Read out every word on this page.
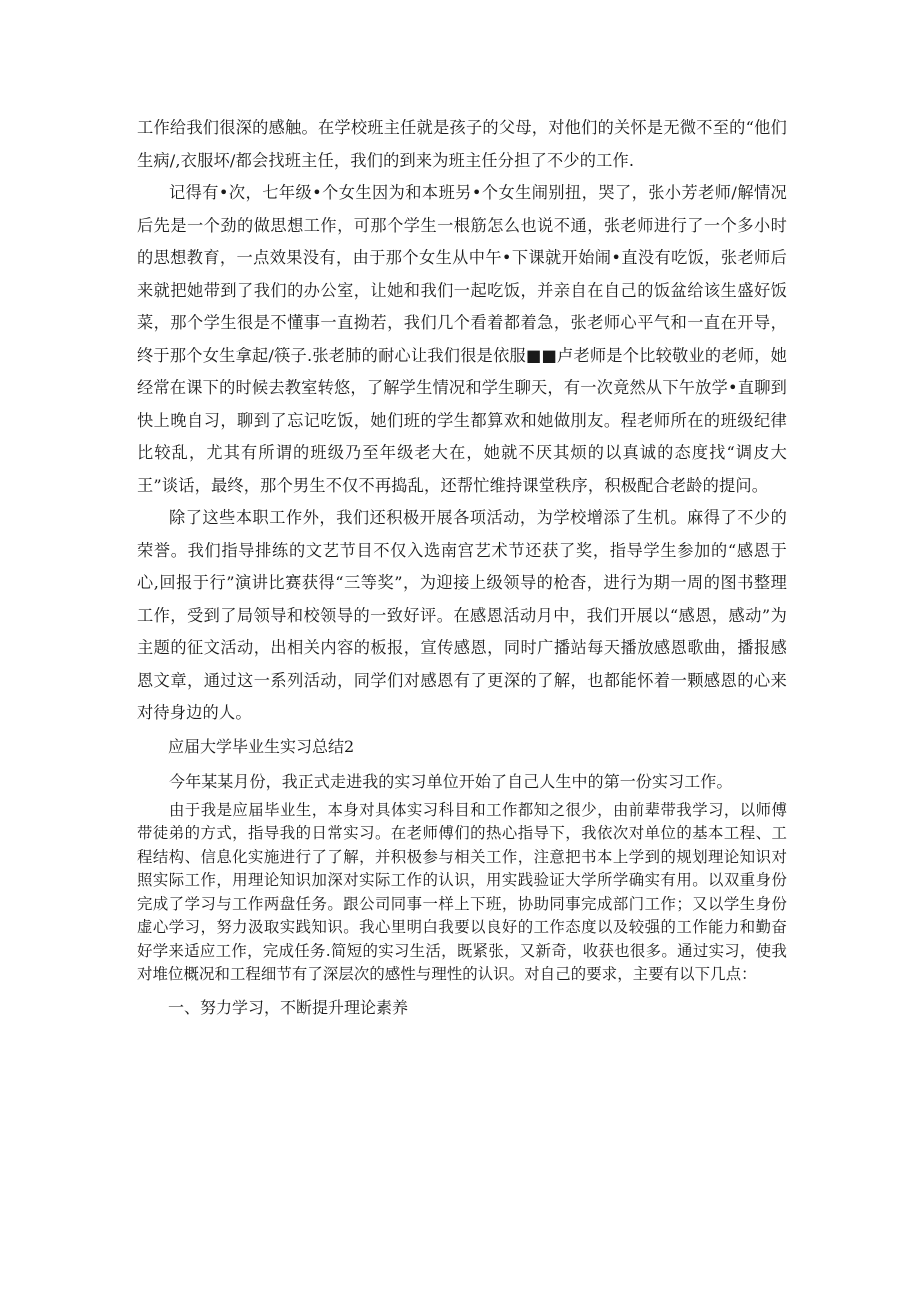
工作给我们很深的感触。在学校班主任就是孩子的父母，对他们的关怀是无微不至的“他们生病/,衣服坏/都会找班主任，我们的到来为班主任分担了不少的工作.

记得有•次，七年级•个女生因为和本班另•个女生闹别扭，哭了，张小芳老师/解情况后先是一个劲的做思想工作，可那个学生一根筋怎么也说不通，张老师进行了一个多小时的思想教育，一点效果没有，由于那个女生从中午•下课就开始闹•直没有吃饭，张老师后来就把她带到了我们的办公室，让她和我们一起吃饭，并亲自在自己的饭盆给该生盛好饭菜，那个学生很是不懂事一直拗若，我们几个看着都着急，张老师心平气和一直在开导，终于那个女生拿起/筷子.张老肺的耐心让我们很是依服■■卢老师是个比较敬业的老师，她经常在课下的时候去教室转悠，了解学生情况和学生聊天，有一次竟然从下午放学•直聊到快上晚自习，聊到了忘记吃饭，她们班的学生都算欢和她做刖友。程老师所在的班级纪律比较乱，尤其有所谓的班级乃至年级老大在，她就不厌其烦的以真诚的态度找“调皮大王”谈话，最终，那个男生不仅不再捣乱，还帮忙维持课堂秩序，积极配合老龄的提问。

除了这些本职工作外，我们还积极开展各项活动，为学校增添了生机。麻得了不少的荣誉。我们指导排练的文艺节目不仅入选南宫艺术节还获了奖，指导学生参加的“感恩于心,回报于行”演讲比赛获得“三等奖”，为迎接上级领导的枪杳，进行为期一周的图书整理工作，受到了局领导和校领导的一致好评。在感恩活动月中，我们开展以“感恩，感动”为主题的征文活动，出相关内容的板报，宣传感恩，同时广播站每天播放感恩歌曲，播报感恩文章，通过这一系列活动，同学们对感恩有了更深的了解，也都能怀着一颗感恩的心来对待身边的人。

应届大学毕业生实习总结2

今年某某月份，我正式走进我的实习单位开始了自己人生中的第一份实习工作。

由于我是应届毕业生，本身对具体实习科目和工作都知之很少，由前辈带我学习，以师傅带徒弟的方式，指导我的日常实习。在老师傅们的热心指导下，我依次对单位的基本工程、工程结构、信息化实施进行了了解，并积极参与相关工作，注意把书本上学到的规划理论知识对照实际工作，用理论知识加深对实际工作的认识，用实践验证大学所学确实有用。以双重身份完成了学习与工作两盘任务。跟公司同事一样上下班，协助同事完成部门工作；又以学生身份虚心学习，努力汲取实践知识。我心里明白我要以良好的工作态度以及较强的工作能力和勤奋好学来适应工作，完成任务.简短的实习生活，既紧张，又新奇，收获也很多。通过实习，使我对堆位概况和工程细节有了深层次的感性与理性的认识。对自己的要求，主要有以下几点：

一、努力学习，不断提升理论素养
